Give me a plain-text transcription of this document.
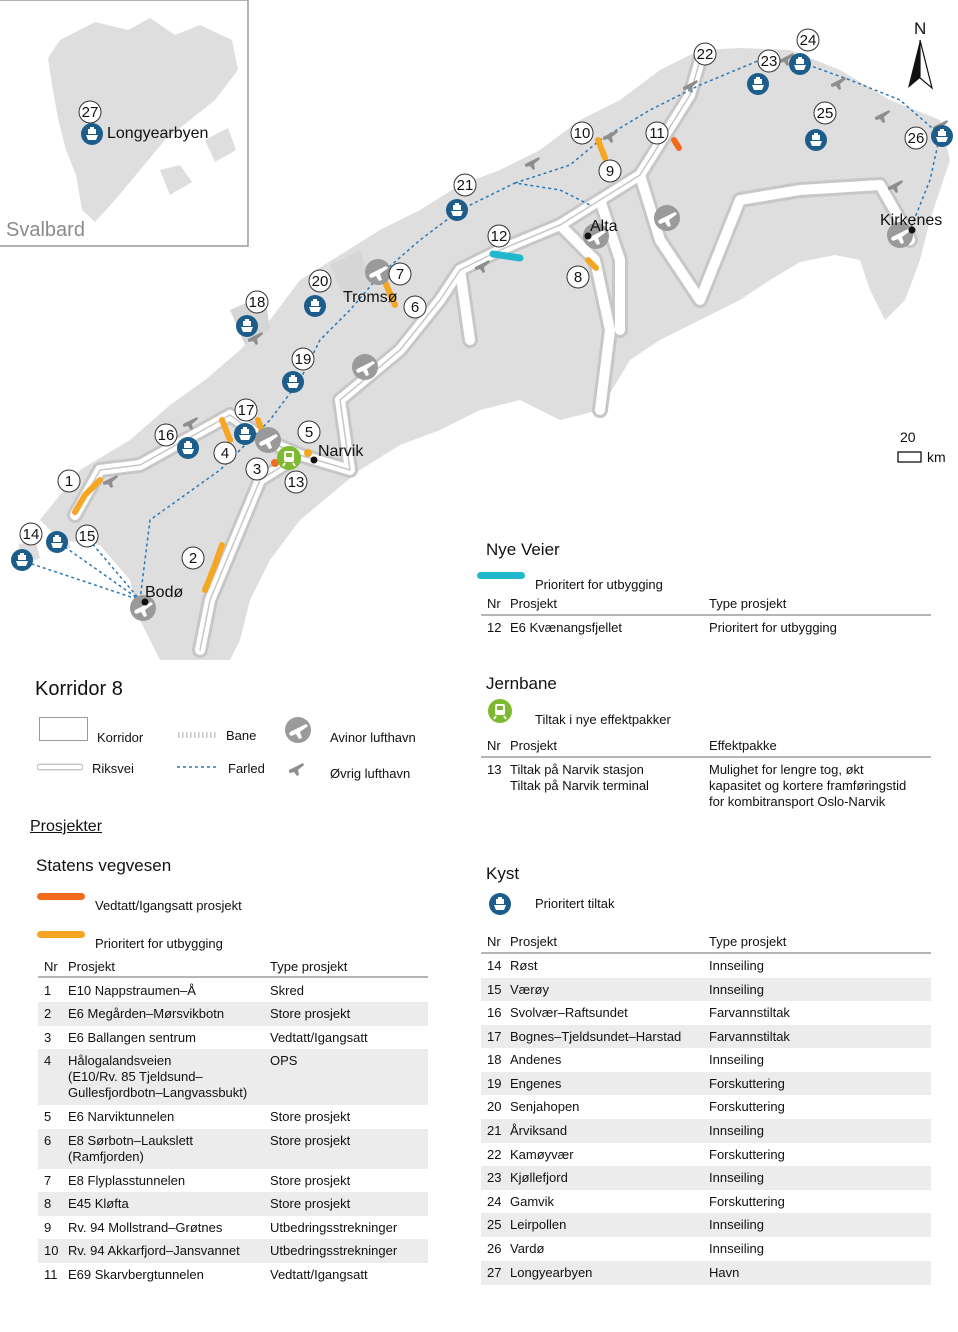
Svalbard
Longyearbyen
Alta	Kirkenes
Tromsø
Narvik
Bodø
1
2
3
4
5
6
7	8
9
10	11
12
13
14	15
16
17
18
19
20
21
22	23
24
25
26
27
N
20
km
Korridor 8
Korridor
Riksvei
Bane
Farled
Avinor lufthavn
Øvrig lufthavn
Prosjekter
Statens vegvesen
Vedtatt/Igangsatt prosjekt
Prioritert for utbygging
Nr Prosjekt	Type prosjekt
1 E10 Nappstraumen–Å	Skred
2 E6 Megården–Mørsvikbotn	Store prosjekt
3 E6 Ballangen sentrum	Vedtatt/Igangsatt
4 Hålogalandsveien
(E10/Rv. 85 Tjeldsund–
Gullesfjordbotn–Langvassbukt)
OPS
5 E6 Narviktunnelen	Store prosjekt
6 E8 Sørbotn–Laukslett
(Ramfjorden)
Store prosjekt
7 E8 Flyplasstunnelen	Store prosjekt
8 E45 Kløfta	Store prosjekt
9 Rv. 94 Mollstrand–Grøtnes	Utbedringsstrekninger
10 Rv. 94 Akkarfjord–Jansvannet Utbedringsstrekninger
11 E69 Skarvbergtunnelen	Vedtatt/Igangsatt
Nye Veier
Prioritert for utbygging
Nr Prosjekt	Type prosjekt
12 E6 Kvænangsfjellet	Prioritert for utbygging
Jernbane
Tiltak i nye effektpakker
Nr Prosjekt	Effektpakke
13 Tiltak på Narvik stasjon
Tiltak på Narvik terminal
Mulighet for lengre tog, økt
kapasitet og kortere framføringstid
for kombitransport Oslo-Narvik
Kyst
Prioritert tiltak
Nr Prosjekt	Type prosjekt
14 Røst	Innseiling
15 Værøy	Innseiling
16 Svolvær–Raftsundet	Farvannstiltak
17 Bognes–Tjeldsundet–Harstad Farvannstiltak
18 Andenes	Innseiling
19 Engenes	Forskuttering
20 Senjahopen	Forskuttering
21 Årviksand	Innseiling
22 Kamøyvær	Forskuttering
23 Kjøllefjord	Innseiling
24 Gamvik	Forskuttering
25 Leirpollen	Innseiling
26 Vardø	Innseiling
27 Longyearbyen	Havn
